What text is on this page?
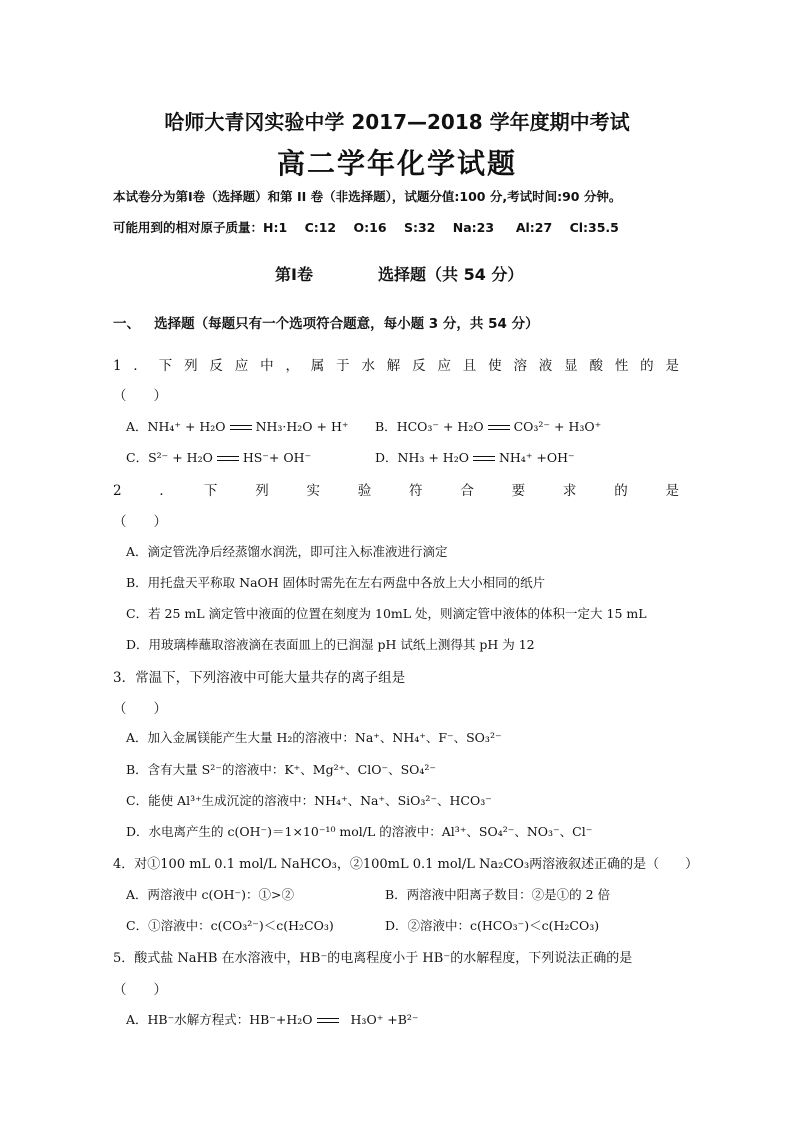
哈师大青冈实验中学 2017—2018 学年度期中考试
高二学年化学试题
本试卷分为第Ⅰ卷（选择题）和第 II 卷（非选择题），试题分值:100 分,考试时间:90 分钟。
可能用到的相对原子质量：H:1    C:12    O:16    S:32    Na:23     Al:27    Cl:35.5
第Ⅰ卷	选择题（共 54 分）
一、   选择题（每题只有一个选项符合题意，每小题 3 分，共 54 分）
1．下列反应中，属于水解反应且使溶液显酸性的是
（　　）
A．NH₄⁺ + H₂O NH₃·H₂O + H⁺ B．HCO₃⁻ + H₂O CO₃²⁻ + H₃O⁺
C．S²⁻ + H₂O HS⁻+ OH⁻	D．NH₃ + H₂O NH₄⁺ +OH⁻
2　．　下　列　实　验　符　合　要　求　的　是
（　　）
A．滴定管洗净后经蒸馏水润洗，即可注入标准液进行滴定
B．用托盘天平称取 NaOH 固体时需先在左右两盘中各放上大小相同的纸片
C．若 25 mL 滴定管中液面的位置在刻度为 10mL 处，则滴定管中液体的体积一定大 15 mL
D．用玻璃棒蘸取溶液滴在表面皿上的已润湿 pH 试纸上测得其 pH 为 12
3．常温下，下列溶液中可能大量共存的离子组是
（　　）
A．加入金属镁能产生大量 H₂的溶液中：Na⁺、NH₄⁺、F⁻、SO₃²⁻
B．含有大量 S²⁻的溶液中：K⁺、Mg²⁺、ClO⁻、SO₄²⁻
C．能使 Al³⁺生成沉淀的溶液中：NH₄⁺、Na⁺、SiO₃²⁻、HCO₃⁻
D．水电离产生的 c(OH⁻)＝1×10⁻¹⁰ mol/L 的溶液中：Al³⁺、SO₄²⁻、NO₃⁻、Cl⁻
4．对①100 mL 0.1 mol/L NaHCO₃，②100mL 0.1 mol/L Na₂CO₃两溶液叙述正确的是（　　）
A．两溶液中 c(OH⁻)：①>②	B．两溶液中阳离子数目：②是①的 2 倍
C．①溶液中：c(CO₃²⁻)＜c(H₂CO₃)	D．②溶液中：c(HCO₃⁻)＜c(H₂CO₃)
5．酸式盐 NaHB 在水溶液中，HB⁻的电离程度小于 HB⁻的水解程度，下列说法正确的是
（　　）
A．HB⁻水解方程式：HB⁻+H₂O	H₃O⁺ +B²⁻
